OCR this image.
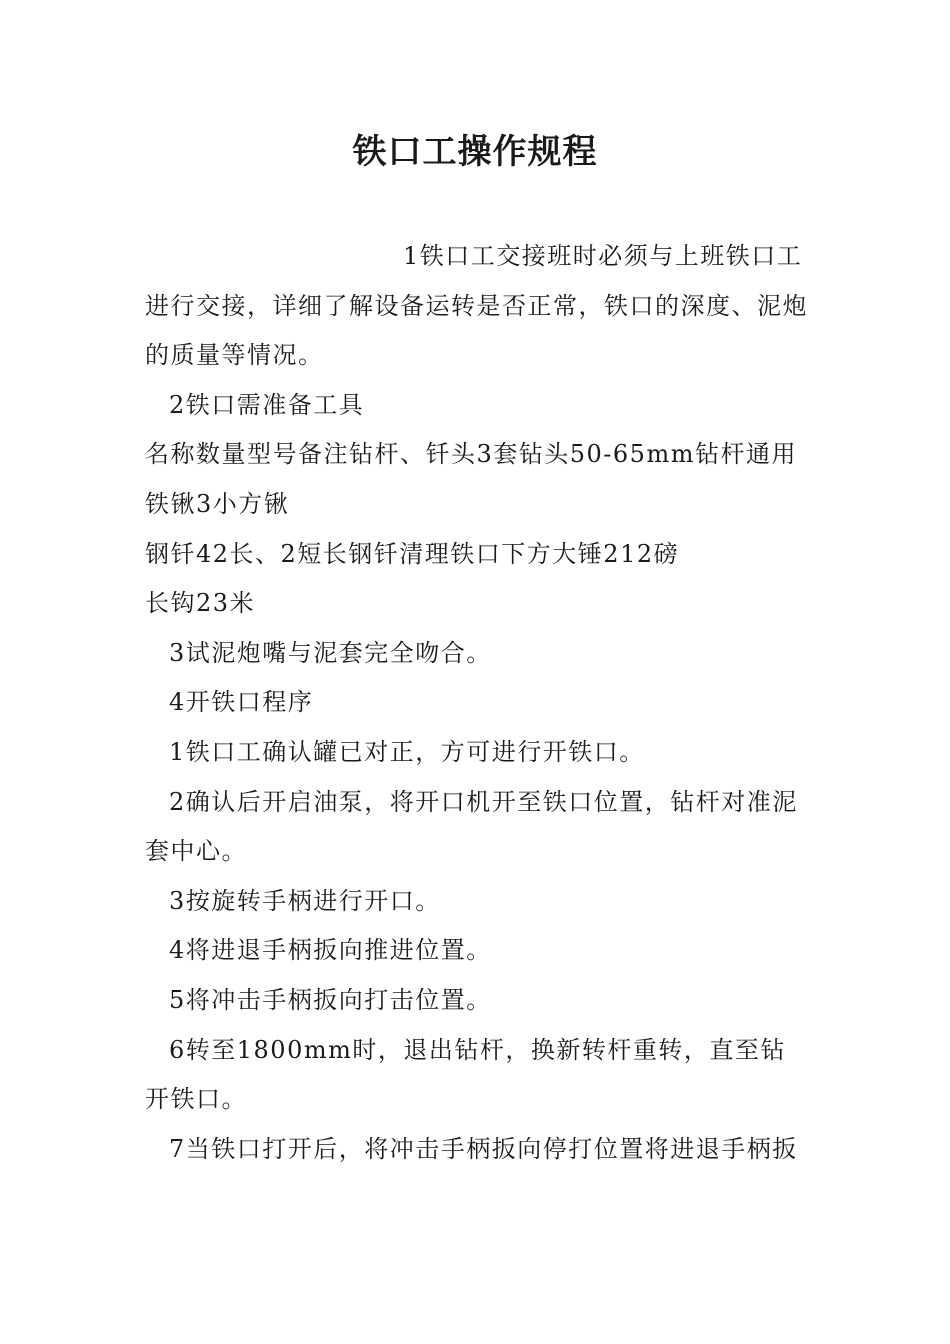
铁口工操作规程

1铁口工交接班时必须与上班铁口工进行交接，详细了解设备运转是否正常，铁口的深度、泥炮的质量等情况。

2铁口需准备工具

名称数量型号备注钻杆、钎头3套钻头50-65mm钻杆通用铁锹3小方锹

钢钎42长、2短长钢钎清理铁口下方大锤212磅

长钩23米

3试泥炮嘴与泥套完全吻合。

4开铁口程序

1铁口工确认罐已对正，方可进行开铁口。

2确认后开启油泵，将开口机开至铁口位置，钻杆对准泥套中心。

3按旋转手柄进行开口。

4将进退手柄扳向推进位置。

5将冲击手柄扳向打击位置。

6转至1800mm时，退出钻杆，换新转杆重转，直至钻开铁口。

7当铁口打开后，将冲击手柄扳向停打位置将进退手柄扳
